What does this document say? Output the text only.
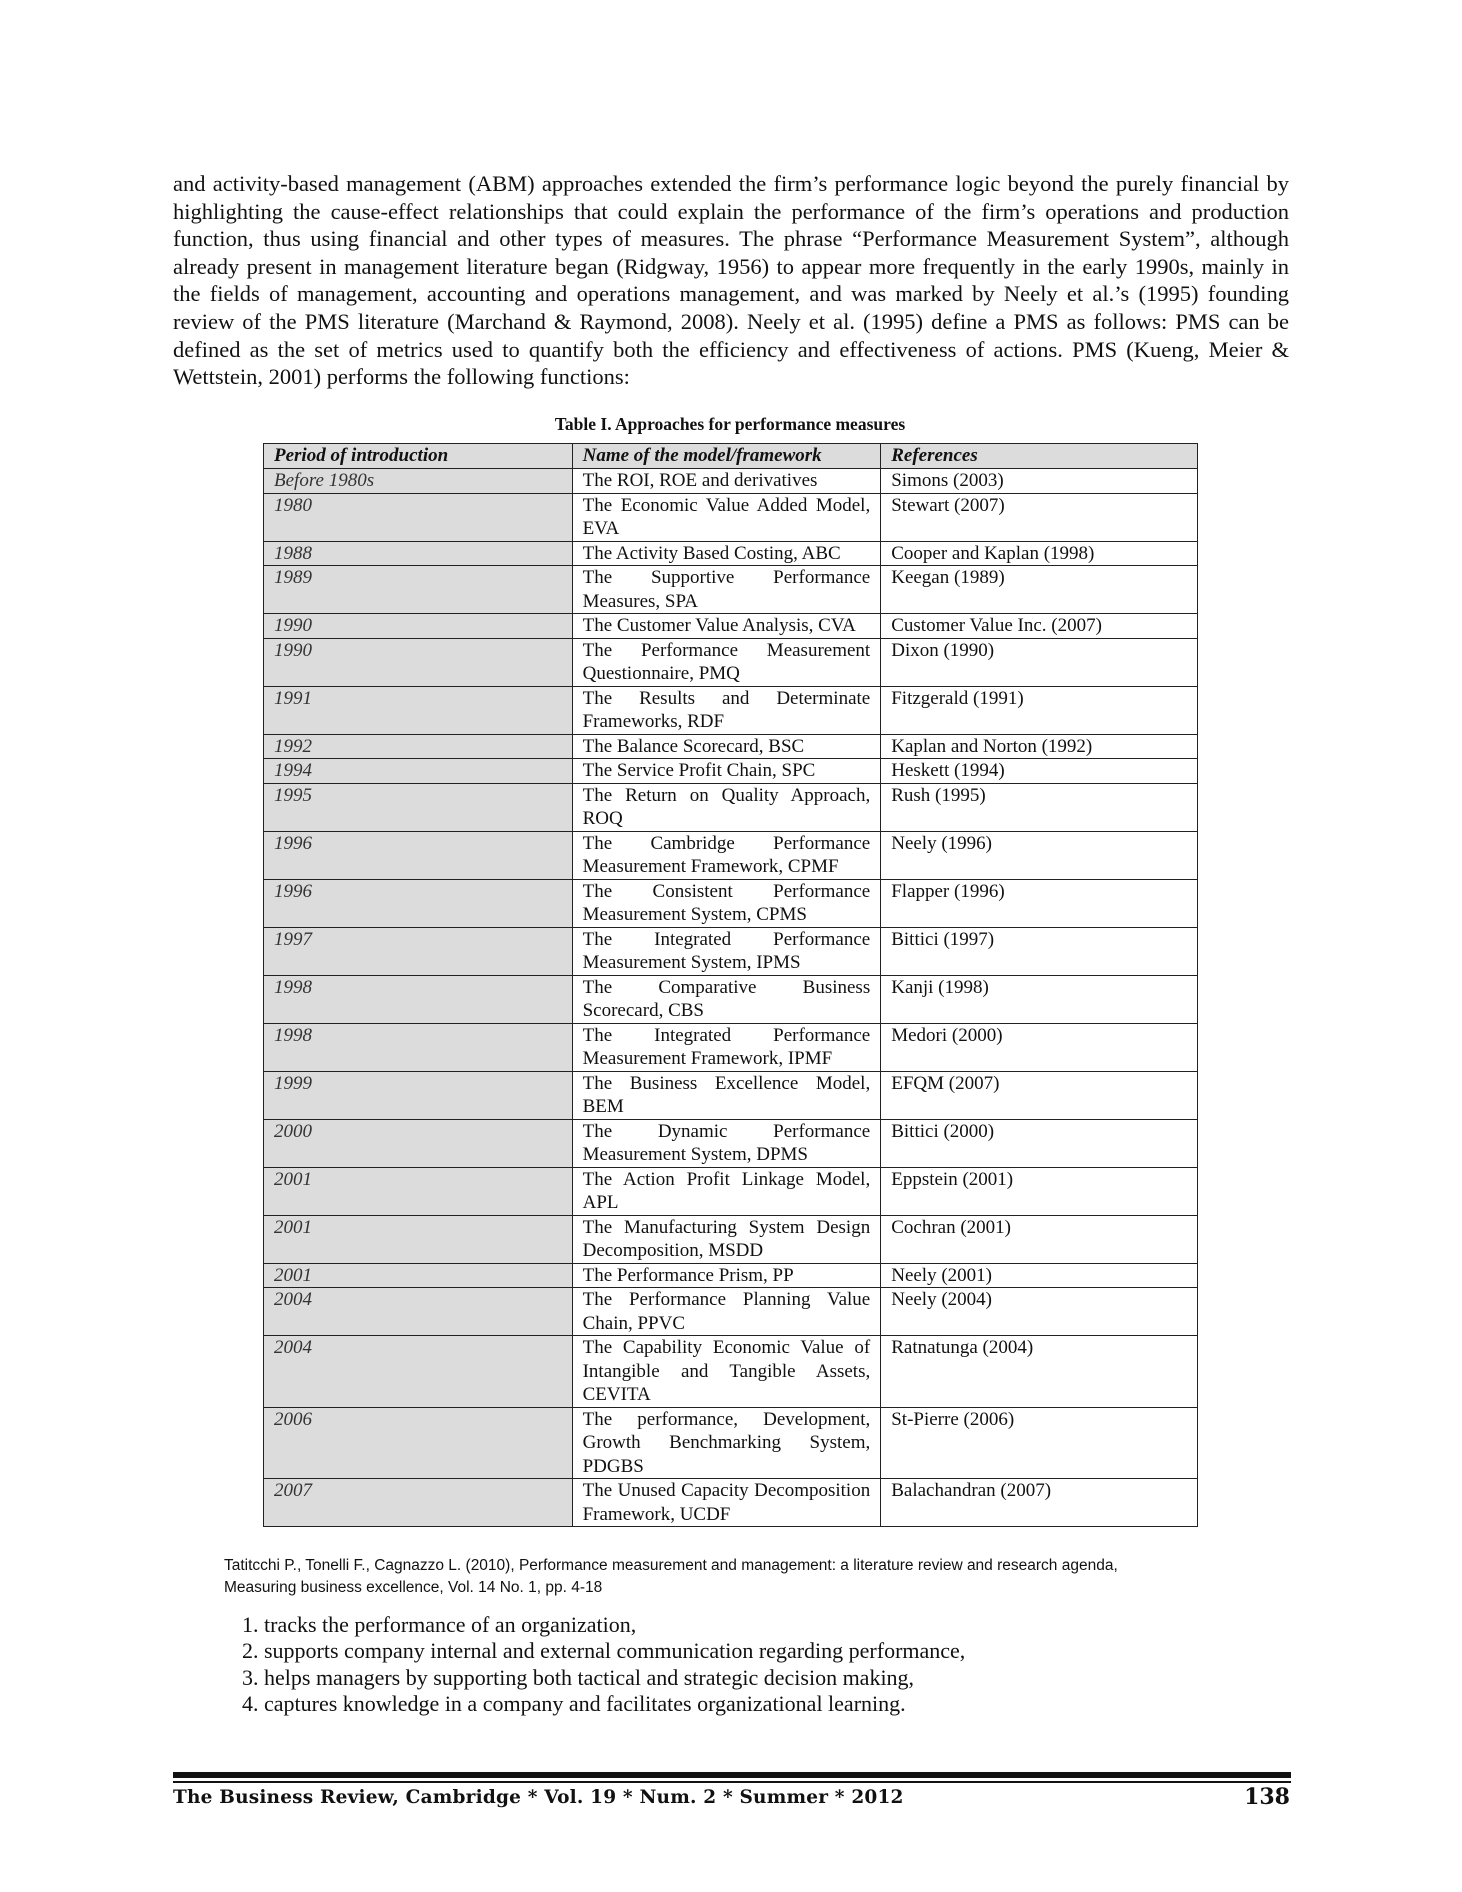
and activity-based management (ABM) approaches extended the firm’s performance logic beyond the purely financial by highlighting the cause-effect relationships that could explain the performance of the firm’s operations and production function, thus using financial and other types of measures. The phrase “Performance Measurement System”, although already present in management literature began (Ridgway, 1956) to appear more frequently in the early 1990s, mainly in the fields of management, accounting and operations management, and was marked by Neely et al.’s (1995) founding review of the PMS literature (Marchand & Raymond, 2008). Neely et al. (1995) define a PMS as follows: PMS can be defined as the set of metrics used to quantify both the efficiency and effectiveness of actions. PMS (Kueng, Meier & Wettstein, 2001) performs the following functions:

Table I. Approaches for performance measures

Period of introduction	Name of the model/framework	References
Before 1980s	The ROI, ROE and derivatives	Simons (2003)
1980	The Economic Value Added Model, EVA	Stewart (2007)
1988	The Activity Based Costing, ABC	Cooper and Kaplan (1998)
1989	The Supportive Performance Measures, SPA	Keegan (1989)
1990	The Customer Value Analysis, CVA	Customer Value Inc. (2007)
1990	The Performance Measurement Questionnaire, PMQ	Dixon (1990)
1991	The Results and Determinate Frameworks, RDF	Fitzgerald (1991)
1992	The Balance Scorecard, BSC	Kaplan and Norton (1992)
1994	The Service Profit Chain, SPC	Heskett (1994)
1995	The Return on Quality Approach, ROQ	Rush (1995)
1996	The Cambridge Performance Measurement Framework, CPMF	Neely (1996)
1996	The Consistent Performance Measurement System, CPMS	Flapper (1996)
1997	The Integrated Performance Measurement System, IPMS	Bittici (1997)
1998	The Comparative Business Scorecard, CBS	Kanji (1998)
1998	The Integrated Performance Measurement Framework, IPMF	Medori (2000)
1999	The Business Excellence Model, BEM	EFQM (2007)
2000	The Dynamic Performance Measurement System, DPMS	Bittici (2000)
2001	The Action Profit Linkage Model, APL	Eppstein (2001)
2001	The Manufacturing System Design Decomposition, MSDD	Cochran (2001)
2001	The Performance Prism, PP	Neely (2001)
2004	The Performance Planning Value Chain, PPVC	Neely (2004)
2004	The Capability Economic Value of Intangible and Tangible Assets, CEVITA	Ratnatunga (2004)
2006	The performance, Development, Growth Benchmarking System, PDGBS	St-Pierre (2006)
2007	The Unused Capacity Decomposition Framework, UCDF	Balachandran (2007)
Tatitcchi P., Tonelli F., Cagnazzo L. (2010), Performance measurement and management: a literature review and research agenda,
Measuring business excellence, Vol. 14 No. 1, pp. 4-18
1. tracks the performance of an organization,
2. supports company internal and external communication regarding performance,
3. helps managers by supporting both tactical and strategic decision making,
4. captures knowledge in a company and facilitates organizational learning.

The Business Review, Cambridge * Vol. 19 * Num. 2 * Summer * 2012	138
